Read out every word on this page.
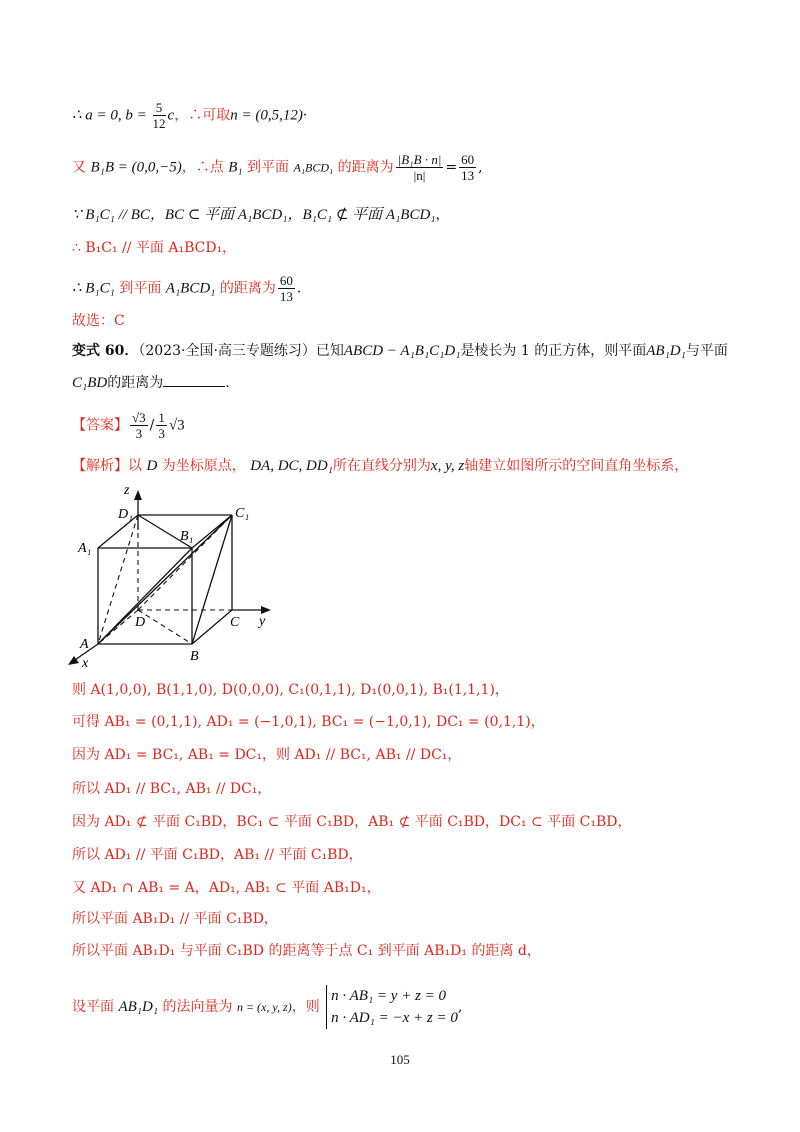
∴ a = 0, $b = \frac{5}{12}$ c，∴可取n = (0,5,12)·
又 B₁B = (0,0,−5)，∴点 B₁ 到平面 A₁BCD₁ 的距离为 $\frac{\text{|B₁B · n|}}{|n|} = \frac{60}{13}$ ,
∵ B₁C₁ // BC，BC ⊂ 平面 A₁BCD₁，B₁C₁ ⊄ 平面 A₁BCD₁，
∴ B₁C₁ // 平面 A₁BCD₁，
∴ B₁C₁ 到平面 A₁BCD₁ 的距离为 $\frac{60}{13}$ .
故选：C
变式 60．（2023·全国·高三专题练习）已知ABCD − A₁B₁C₁D₁是棱长为 1 的正方体，则平面AB₁D₁与平面
C₁BD的距离为	.
【答案】 $\frac{√3}{3} / \frac{1}{3} √3$
【解析】以 D 为坐标原点， DA, DC, DD₁所在直线分别为x, y, z轴建立如图所示的空间直角坐标系，
z
y
x
D₁	C₁
A₁
B₁
D	C
A
B
则 A(1,0,0), B(1,1,0), D(0,0,0), C₁(0,1,1), D₁(0,0,1), B₁(1,1,1)，
可得 AB₁ = (0,1,1), AD₁ = (−1,0,1), BC₁ = (−1,0,1), DC₁ = (0,1,1)，
因为 AD₁ = BC₁, AB₁ = DC₁，则 AD₁ // BC₁, AB₁ // DC₁，
所以 AD₁ // BC₁, AB₁ // DC₁，
因为 AD₁ ⊄ 平面 C₁BD，BC₁ ⊂ 平面 C₁BD，AB₁ ⊄ 平面 C₁BD，DC₁ ⊂ 平面 C₁BD，
所以 AD₁ // 平面 C₁BD，AB₁ // 平面 C₁BD，
又 AD₁ ∩ AB₁ = A，AD₁, AB₁ ⊂ 平面 AB₁D₁，
所以平面 AB₁D₁ // 平面 C₁BD，
所以平面 AB₁D₁ 与平面 C₁BD 的距离等于点 C₁ 到平面 AB₁D₁ 的距离 d，
设平面 AB₁D₁ 的法向量为 n = (x, y, z)，则
n · AB₁ = y + z = 0
n · AD₁ = −x + z = 0
,
105
